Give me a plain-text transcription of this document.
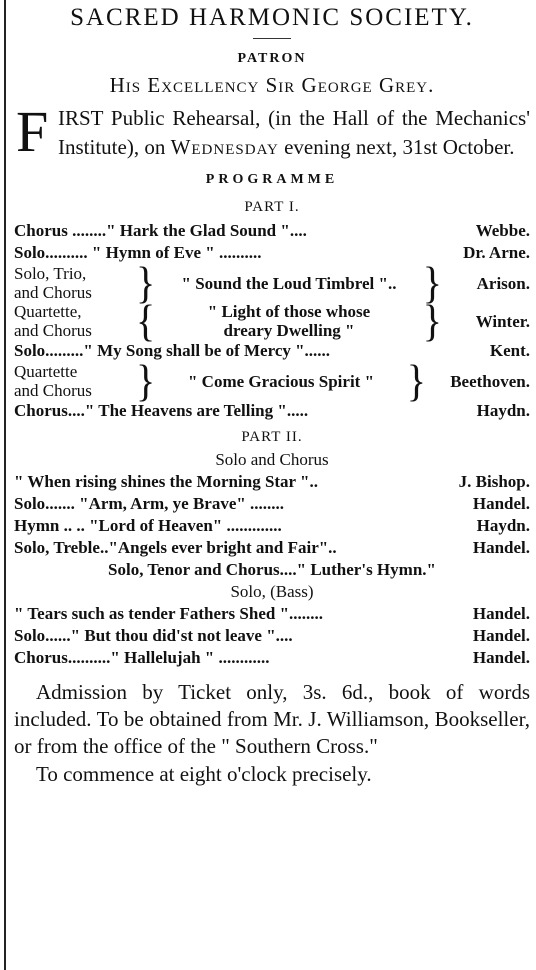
SACRED HARMONIC SOCIETY.
PATRON
His Excellency Sir George Grey.
F IRST Public Rehearsal, (in the Hall of the Mechanics' Institute), on Wednesday evening next, 31st October.
PROGRAMME
PART I.
Chorus ........" Hark the Glad Sound "....	Webbe.
Solo.......... " Hymn of Eve " ..........	Dr. Arne.
Solo, Trio,
and Chorus	}	" Sound the Loud Timbrel ".. }	Arison.
Quartette,
and Chorus	{	" Light of those whose
dreary Dwelling "	}	Winter.
Solo........." My Song shall be of Mercy "......	Kent.
Quartette
and Chorus	}	" Come Gracious Spirit " }	Beethoven.
Chorus...." The Heavens are Telling ".....	Haydn.
PART II.
Solo and Chorus
" When rising shines the Morning Star "..	J. Bishop.
Solo....... "Arm, Arm, ye Brave" ........	Handel.
Hymn .. .. "Lord of Heaven" .............	Haydn.
Solo, Treble.."Angels ever bright and Fair"..	Handel.
Solo, Tenor and Chorus...." Luther's Hymn."
Solo, (Bass)
" Tears such as tender Fathers Shed "........	Handel.
Solo......" But thou did'st not leave "....	Handel.
Chorus.........." Hallelujah " ............	Handel.
Admission by Ticket only, 3s. 6d., book of words included. To be obtained from Mr. J. Williamson, Bookseller, or from the office of the " Southern Cross."
To commence at eight o'clock precisely.
